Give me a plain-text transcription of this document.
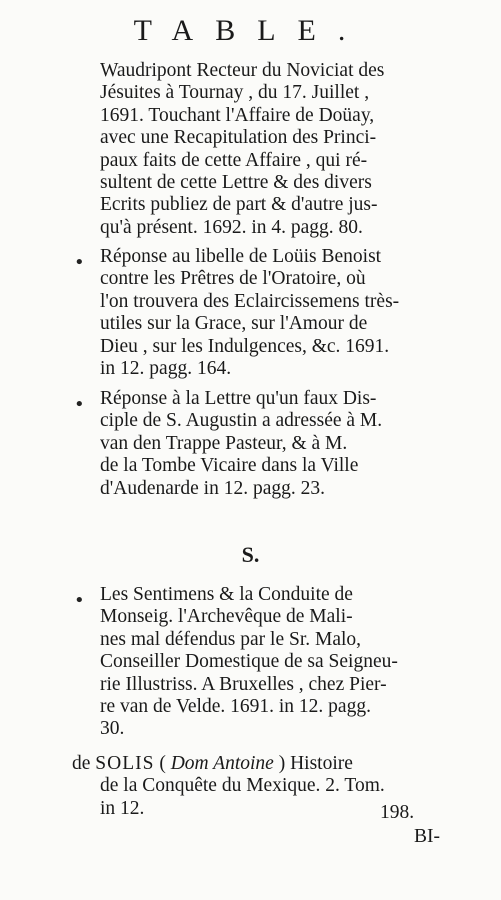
TABLE.
Waudripont Recteur du Noviciat des
Jésuites à Tournay , du 17. Juillet ,
1691. Touchant l'Affaire de Doüay,
avec une Recapitulation des Princi-
paux faits de cette Affaire , qui ré-
sultent de cette Lettre & des divers
Ecrits publiez de part & d'autre jus-
qu'à présent. 1692. in 4. pagg. 80.
• Réponse au libelle de Loüis Benoist
contre les Prêtres de l'Oratoire, où
l'on trouvera des Eclaircissemens très-
utiles sur la Grace, sur l'Amour de
Dieu , sur les Indulgences, &c. 1691.
in 12. pagg. 164.
• Réponse à la Lettre qu'un faux Dis-
ciple de S. Augustin a adressée à M.
van den Trappe Pasteur, & à M.
de la Tombe Vicaire dans la Ville
d'Audenarde in 12. pagg. 23.
S.
• Les Sentimens & la Conduite de
Monseig. l'Archevêque de Mali-
nes mal défendus par le Sr. Malo,
Conseiller Domestique de sa Seigneu-
rie Illustriss. A Bruxelles , chez Pier-
re van de Velde. 1691. in 12. pagg.
30.
de SOLIS ( Dom Antoine ) Histoire
de la Conquête du Mexique. 2. Tom.
in 12.	198.
BI-
